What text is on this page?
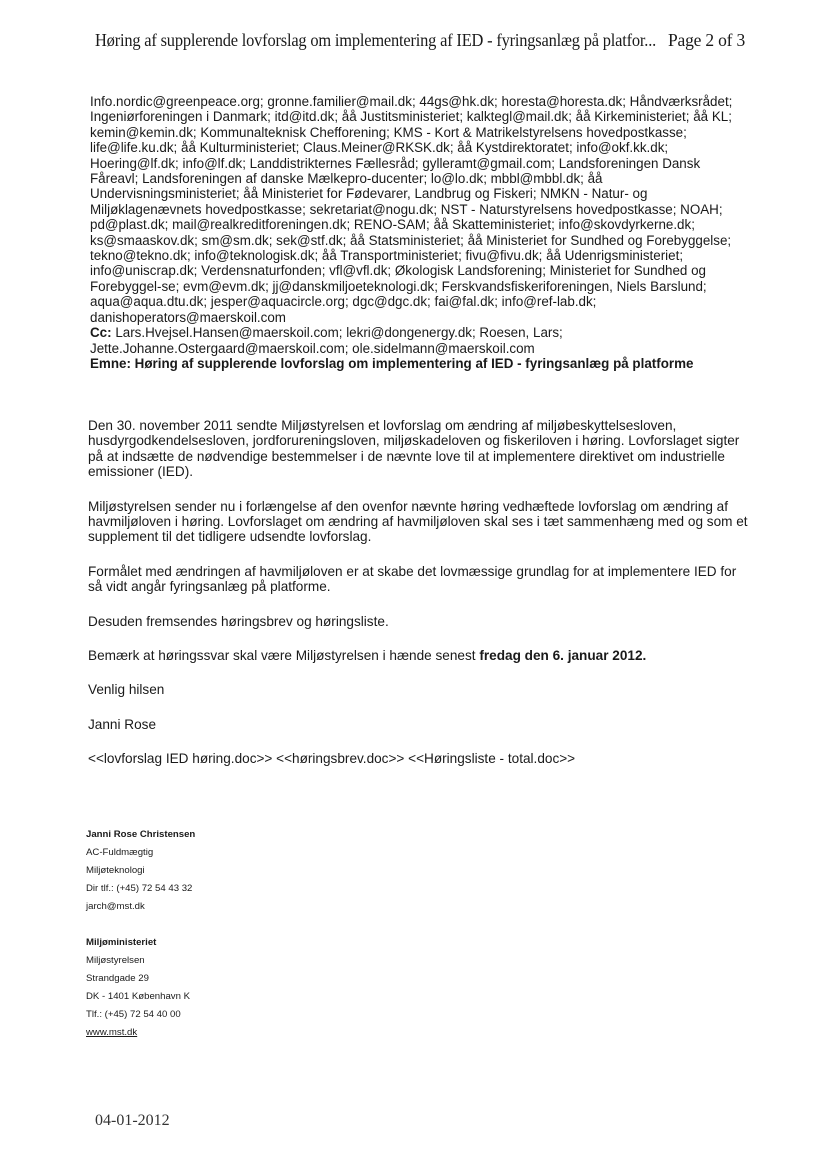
Høring af supplerende lovforslag om implementering af IED - fyringsanlæg på platfor... Page 2 of 3
Info.nordic@greenpeace.org; gronne.familier@mail.dk; 44gs@hk.dk; horesta@horesta.dk; Håndværksrådet;
Ingeniørforeningen i Danmark; itd@itd.dk; åå Justitsministeriet; kalktegl@mail.dk; åå Kirkeministeriet; åå KL;
kemin@kemin.dk; Kommunalteknisk Chefforening; KMS - Kort & Matrikelstyrelsens hovedpostkasse;
life@life.ku.dk; åå Kulturministeriet; Claus.Meiner@RKSK.dk; åå Kystdirektoratet; info@okf.kk.dk;
Hoering@lf.dk; info@lf.dk; Landdistrikternes Fællesråd; gylleramt@gmail.com; Landsforeningen Dansk
Fåreavl; Landsforeningen af danske Mælkepro-ducenter; lo@lo.dk; mbbl@mbbl.dk; åå
Undervisningsministeriet; åå Ministeriet for Fødevarer, Landbrug og Fiskeri; NMKN - Natur- og
Miljøklagenævnets hovedpostkasse; sekretariat@nogu.dk; NST - Naturstyrelsens hovedpostkasse; NOAH;
pd@plast.dk; mail@realkreditforeningen.dk; RENO-SAM; åå Skatteministeriet; info@skovdyrkerne.dk;
ks@smaaskov.dk; sm@sm.dk; sek@stf.dk; åå Statsministeriet; åå Ministeriet for Sundhed og Forebyggelse;
tekno@tekno.dk; info@teknologisk.dk; åå Transportministeriet; fivu@fivu.dk; åå Udenrigsministeriet;
info@uniscrap.dk; Verdensnaturfonden; vfl@vfl.dk; Økologisk Landsforening; Ministeriet for Sundhed og
Forebyggel-se; evm@evm.dk; jj@danskmiljoeteknologi.dk; Ferskvandsfiskeriforeningen, Niels Barslund;
aqua@aqua.dtu.dk; jesper@aquacircle.org; dgc@dgc.dk; fai@fal.dk; info@ref-lab.dk;
danishoperators@maerskoil.com
Cc: Lars.Hvejsel.Hansen@maerskoil.com; lekri@dongenergy.dk; Roesen, Lars;
Jette.Johanne.Ostergaard@maerskoil.com; ole.sidelmann@maerskoil.com
Emne: Høring af supplerende lovforslag om implementering af IED - fyringsanlæg på platforme

Den 30. november 2011 sendte Miljøstyrelsen et lovforslag om ændring af miljøbeskyttelsesloven, husdyrgodkendelsesloven, jordforureningsloven, miljøskadeloven og fiskeriloven i høring. Lovforslaget sigter på at indsætte de nødvendige bestemmelser i de nævnte love til at implementere direktivet om industrielle emissioner (IED).

Miljøstyrelsen sender nu i forlængelse af den ovenfor nævnte høring vedhæftede lovforslag om ændring af havmiljøloven i høring. Lovforslaget om ændring af havmiljøloven skal ses i tæt sammenhæng med og som et supplement til det tidligere udsendte lovforslag.

Formålet med ændringen af havmiljøloven er at skabe det lovmæssige grundlag for at implementere IED for så vidt angår fyringsanlæg på platforme.

Desuden fremsendes høringsbrev og høringsliste.

Bemærk at høringssvar skal være Miljøstyrelsen i hænde senest fredag den 6. januar 2012.

Venlig hilsen

Janni Rose

<<lovforslag IED høring.doc>> <<høringsbrev.doc>> <<Høringsliste - total.doc>>

Janni Rose Christensen
AC-Fuldmægtig
Miljøteknologi
Dir tlf.: (+45) 72 54 43 32
jarch@mst.dk
Miljøministeriet
Miljøstyrelsen
Strandgade 29
DK - 1401 København K
Tlf.: (+45) 72 54 40 00
www.mst.dk
04-01-2012
